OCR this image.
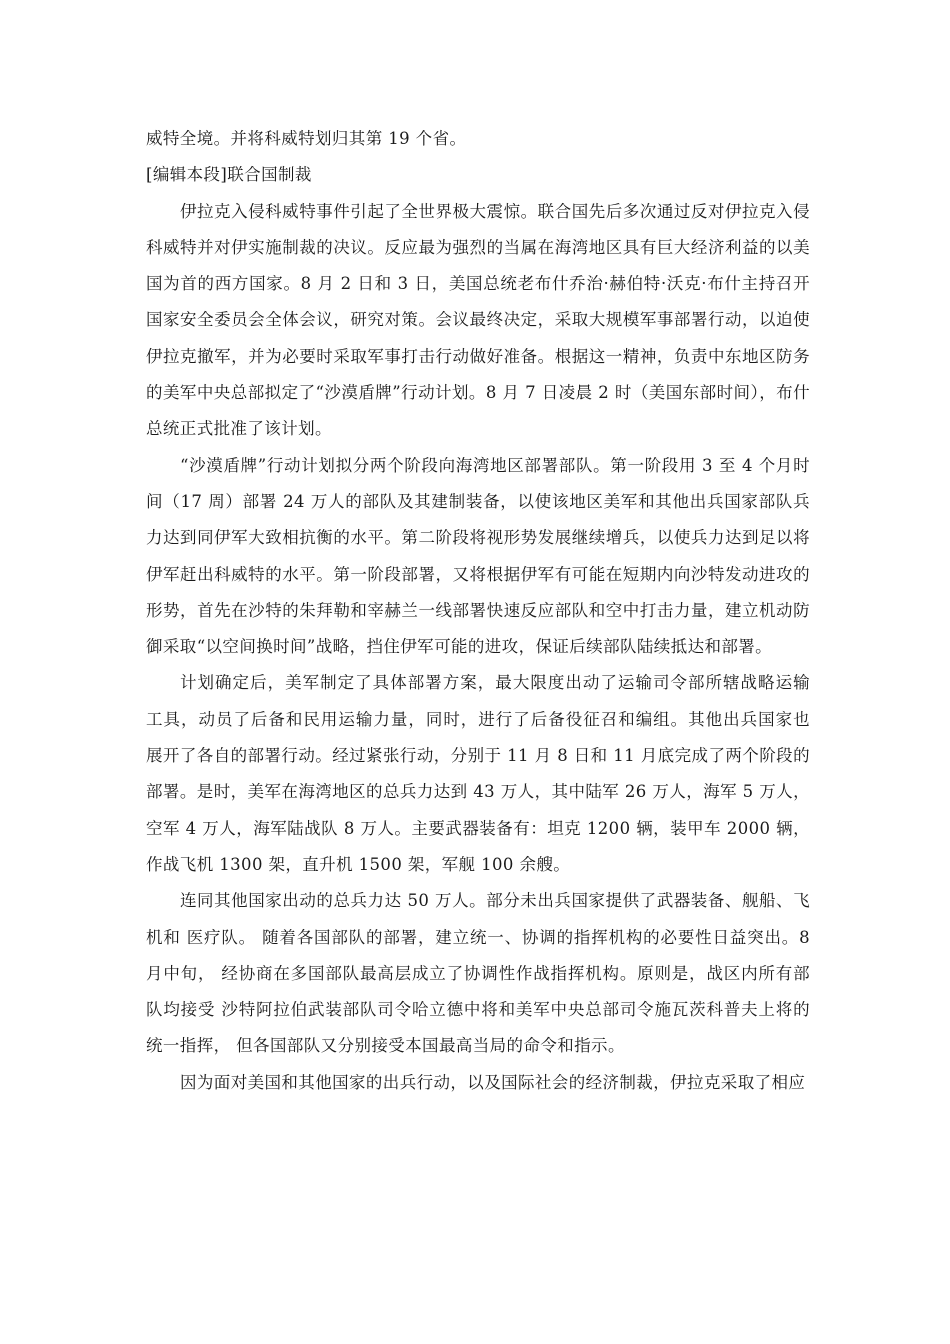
威特全境。并将科威特划归其第 19 个省。

[编辑本段]联合国制裁

伊拉克入侵科威特事件引起了全世界极大震惊。联合国先后多次通过反对伊拉克入侵科威特并对伊实施制裁的决议。反应最为强烈的当属在海湾地区具有巨大经济利益的以美国为首的西方国家。8 月 2 日和 3 日，美国总统老布什乔治·赫伯特·沃克·布什主持召开国家安全委员会全体会议，研究对策。会议最终决定，采取大规模军事部署行动，以迫使伊拉克撤军，并为必要时采取军事打击行动做好准备。根据这一精神，负责中东地区防务的美军中央总部拟定了“沙漠盾牌”行动计划。8 月 7 日凌晨 2 时（美国东部时间），布什总统正式批准了该计划。

“沙漠盾牌”行动计划拟分两个阶段向海湾地区部署部队。第一阶段用 3 至 4 个月时间（17 周）部署 24 万人的部队及其建制装备，以使该地区美军和其他出兵国家部队兵力达到同伊军大致相抗衡的水平。第二阶段将视形势发展继续增兵，以使兵力达到足以将 伊军赶出科威特的水平。第一阶段部署，又将根据伊军有可能在短期内向沙特发动进攻的形势，首先在沙特的朱拜勒和宰赫兰一线部署快速反应部队和空中打击力量，建立机动防御采取“以空间换时间”战略，挡住伊军可能的进攻，保证后续部队陆续抵达和部署。

计划确定后，美军制定了具体部署方案，最大限度出动了运输司令部所辖战略运输 工具，动员了后备和民用运输力量，同时，进行了后备役征召和编组。其他出兵国家也 展开了各自的部署行动。经过紧张行动，分别于 11 月 8 日和 11 月底完成了两个阶段的部署。是时，美军在海湾地区的总兵力达到 43 万人，其中陆军 26 万人，海军 5 万人，空军 4 万人，海军陆战队 8 万人。主要武器装备有：坦克 1200 辆，装甲车 2000 辆，作战飞机 1300 架，直升机 1500 架，军舰 100 余艘。

连同其他国家出动的总兵力达 50 万人。部分未出兵国家提供了武器装备、舰船、飞机和 医疗队。 随着各国部队的部署，建立统一、协调的指挥机构的必要性日益突出。8 月中旬， 经协商在多国部队最高层成立了协调性作战指挥机构。原则是，战区内所有部队均接受 沙特阿拉伯武装部队司令哈立德中将和美军中央总部司令施瓦茨科普夫上将的统一指挥， 但各国部队又分别接受本国最高当局的命令和指示。

因为面对美国和其他国家的出兵行动，以及国际社会的经济制裁，伊拉克采取了相应
